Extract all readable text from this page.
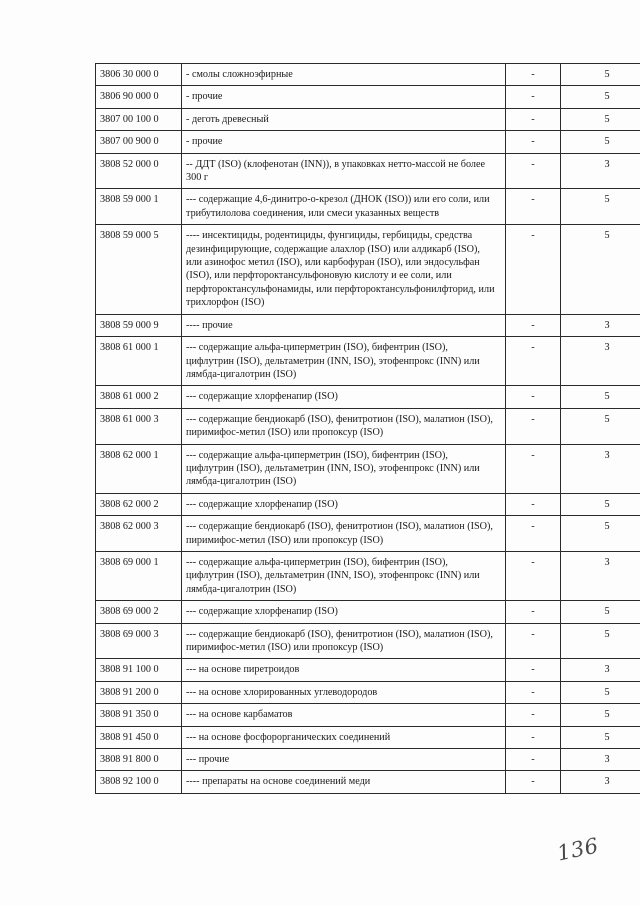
3806 30 000 0	- смолы сложноэфирные	-	5
3806 90 000 0	- прочие	-	5
3807 00 100 0	- деготь древесный	-	5
3807 00 900 0	- прочие	-	5
3808 52 000 0	-- ДДТ (ISO) (клофенотан (INN)), в упаковках нетто-массой не более 300 г	-	3
3808 59 000 1	--- содержащие 4,6-динитро-о-крезол (ДНОК (ISO)) или его соли, или трибутилолова соединения, или смеси указанных веществ	-	5
3808 59 000 5	---- инсектициды, родентициды, фунгициды, гербициды, средства дезинфицирующие, содержащие алахлор (ISO) или алдикарб (ISO), или азинофос метил (ISO), или карбофуран (ISO), или эндосульфан (ISO), или перфтороктансульфоновую кислоту и ее соли, или перфтороктансульфонамиды, или перфтороктансульфонилфторид, или трихлорфон (ISO)	-	5
3808 59 000 9	---- прочие	-	3
3808 61 000 1	--- содержащие альфа-циперметрин (ISO), бифентрин (ISO), цифлутрин (ISO), дельтаметрин (INN, ISO), этофенпрокс (INN) или лямбда-цигалотрин (ISO)	-	3
3808 61 000 2	--- содержащие хлорфенапир (ISO)	-	5
3808 61 000 3	--- содержащие бендиокарб (ISO), фенитротион (ISO), малатион (ISO), пиримифос-метил (ISO) или пропоксур (ISO)	-	5
3808 62 000 1	--- содержащие альфа-циперметрин (ISO), бифентрин (ISO), цифлутрин (ISO), дельтаметрин (INN, ISO), этофенпрокс (INN) или лямбда-цигалотрин (ISO)	-	3
3808 62 000 2	--- содержащие хлорфенапир (ISO)	-	5
3808 62 000 3	--- содержащие бендиокарб (ISO), фенитротион (ISO), малатион (ISO), пиримифос-метил (ISO) или пропоксур (ISO)	-	5
3808 69 000 1	--- содержащие альфа-циперметрин (ISO), бифентрин (ISO), цифлутрин (ISO), дельтаметрин (INN, ISO), этофенпрокс (INN) или лямбда-цигалотрин (ISO)	-	3
3808 69 000 2	--- содержащие хлорфенапир (ISO)	-	5
3808 69 000 3	--- содержащие бендиокарб (ISO), фенитротион (ISO), малатион (ISO), пиримифос-метил (ISO) или пропоксур (ISO)	-	5
3808 91 100 0	--- на основе пиретроидов	-	3
3808 91 200 0	--- на основе хлорированных углеводородов	-	5
3808 91 350 0	--- на основе карбаматов	-	5
3808 91 450 0	--- на основе фосфорорганических соединений	-	5
3808 91 800 0	--- прочие	-	3
3808 92 100 0	---- препараты на основе соединений меди	-	3
136
